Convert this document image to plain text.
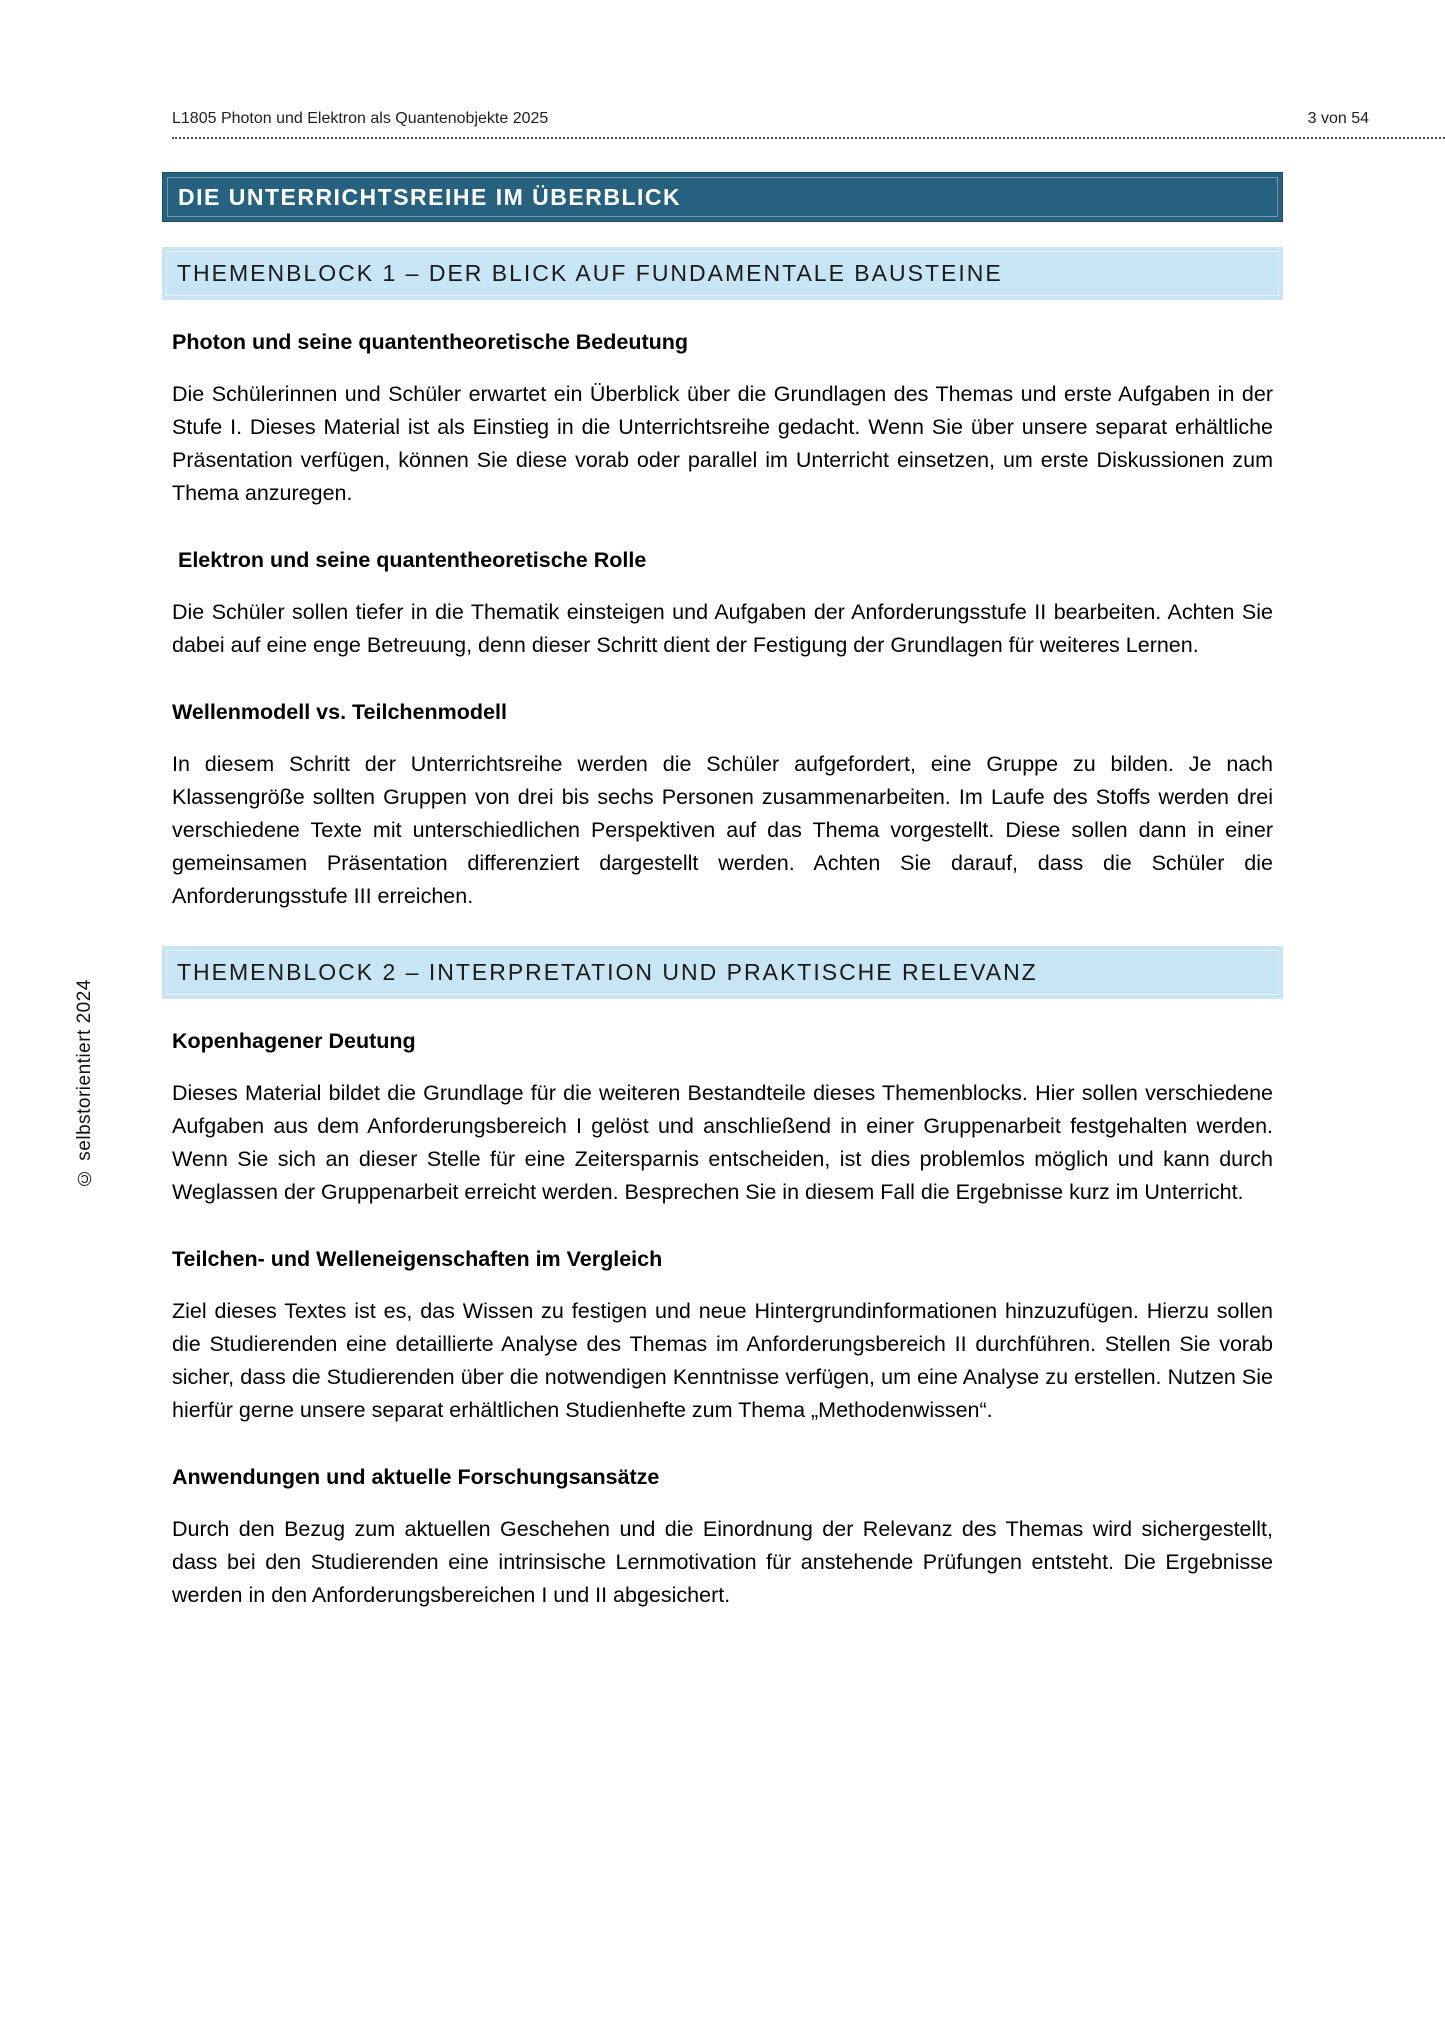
L1805 Photon und Elektron als Quantenobjekte 2025	3 von 54
© selbstorientiert 2024
DIE UNTERRICHTSREIHE IM ÜBERBLICK
THEMENBLOCK 1 – DER BLICK AUF FUNDAMENTALE BAUSTEINE
Photon und seine quantentheoretische Bedeutung

Die Schülerinnen und Schüler erwartet ein Überblick über die Grundlagen des Themas und erste Aufgaben in der Stufe I. Dieses Material ist als Einstieg in die Unterrichtsreihe gedacht. Wenn Sie über unsere separat erhältliche Präsentation verfügen, können Sie diese vorab oder parallel im Unterricht einsetzen, um erste Diskussionen zum Thema anzuregen.

Elektron und seine quantentheoretische Rolle

Die Schüler sollen tiefer in die Thematik einsteigen und Aufgaben der Anforderungsstufe II bearbeiten. Achten Sie dabei auf eine enge Betreuung, denn dieser Schritt dient der Festigung der Grundlagen für weiteres Lernen.

Wellenmodell vs. Teilchenmodell

In diesem Schritt der Unterrichtsreihe werden die Schüler aufgefordert, eine Gruppe zu bilden. Je nach Klassengröße sollten Gruppen von drei bis sechs Personen zusammenarbeiten. Im Laufe des Stoffs werden drei verschiedene Texte mit unterschiedlichen Perspektiven auf das Thema vorgestellt. Diese sollen dann in einer gemeinsamen Präsentation differenziert dargestellt werden. Achten Sie darauf, dass die Schüler die Anforderungsstufe III erreichen.

THEMENBLOCK 2 – INTERPRETATION UND PRAKTISCHE RELEVANZ
Kopenhagener Deutung

Dieses Material bildet die Grundlage für die weiteren Bestandteile dieses Themenblocks. Hier sollen verschiedene Aufgaben aus dem Anforderungsbereich I gelöst und anschließend in einer Gruppenarbeit festgehalten werden. Wenn Sie sich an dieser Stelle für eine Zeitersparnis entscheiden, ist dies problemlos möglich und kann durch Weglassen der Gruppenarbeit erreicht werden. Besprechen Sie in diesem Fall die Ergebnisse kurz im Unterricht.

Teilchen- und Welleneigenschaften im Vergleich

Ziel dieses Textes ist es, das Wissen zu festigen und neue Hintergrundinformationen hinzuzufügen. Hierzu sollen die Studierenden eine detaillierte Analyse des Themas im Anforderungsbereich II durchführen. Stellen Sie vorab sicher, dass die Studierenden über die notwendigen Kenntnisse verfügen, um eine Analyse zu erstellen. Nutzen Sie hierfür gerne unsere separat erhältlichen Studienhefte zum Thema „Methodenwissen“.

Anwendungen und aktuelle Forschungsansätze

Durch den Bezug zum aktuellen Geschehen und die Einordnung der Relevanz des Themas wird sichergestellt, dass bei den Studierenden eine intrinsische Lernmotivation für anstehende Prüfungen entsteht. Die Ergebnisse werden in den Anforderungsbereichen I und II abgesichert.
